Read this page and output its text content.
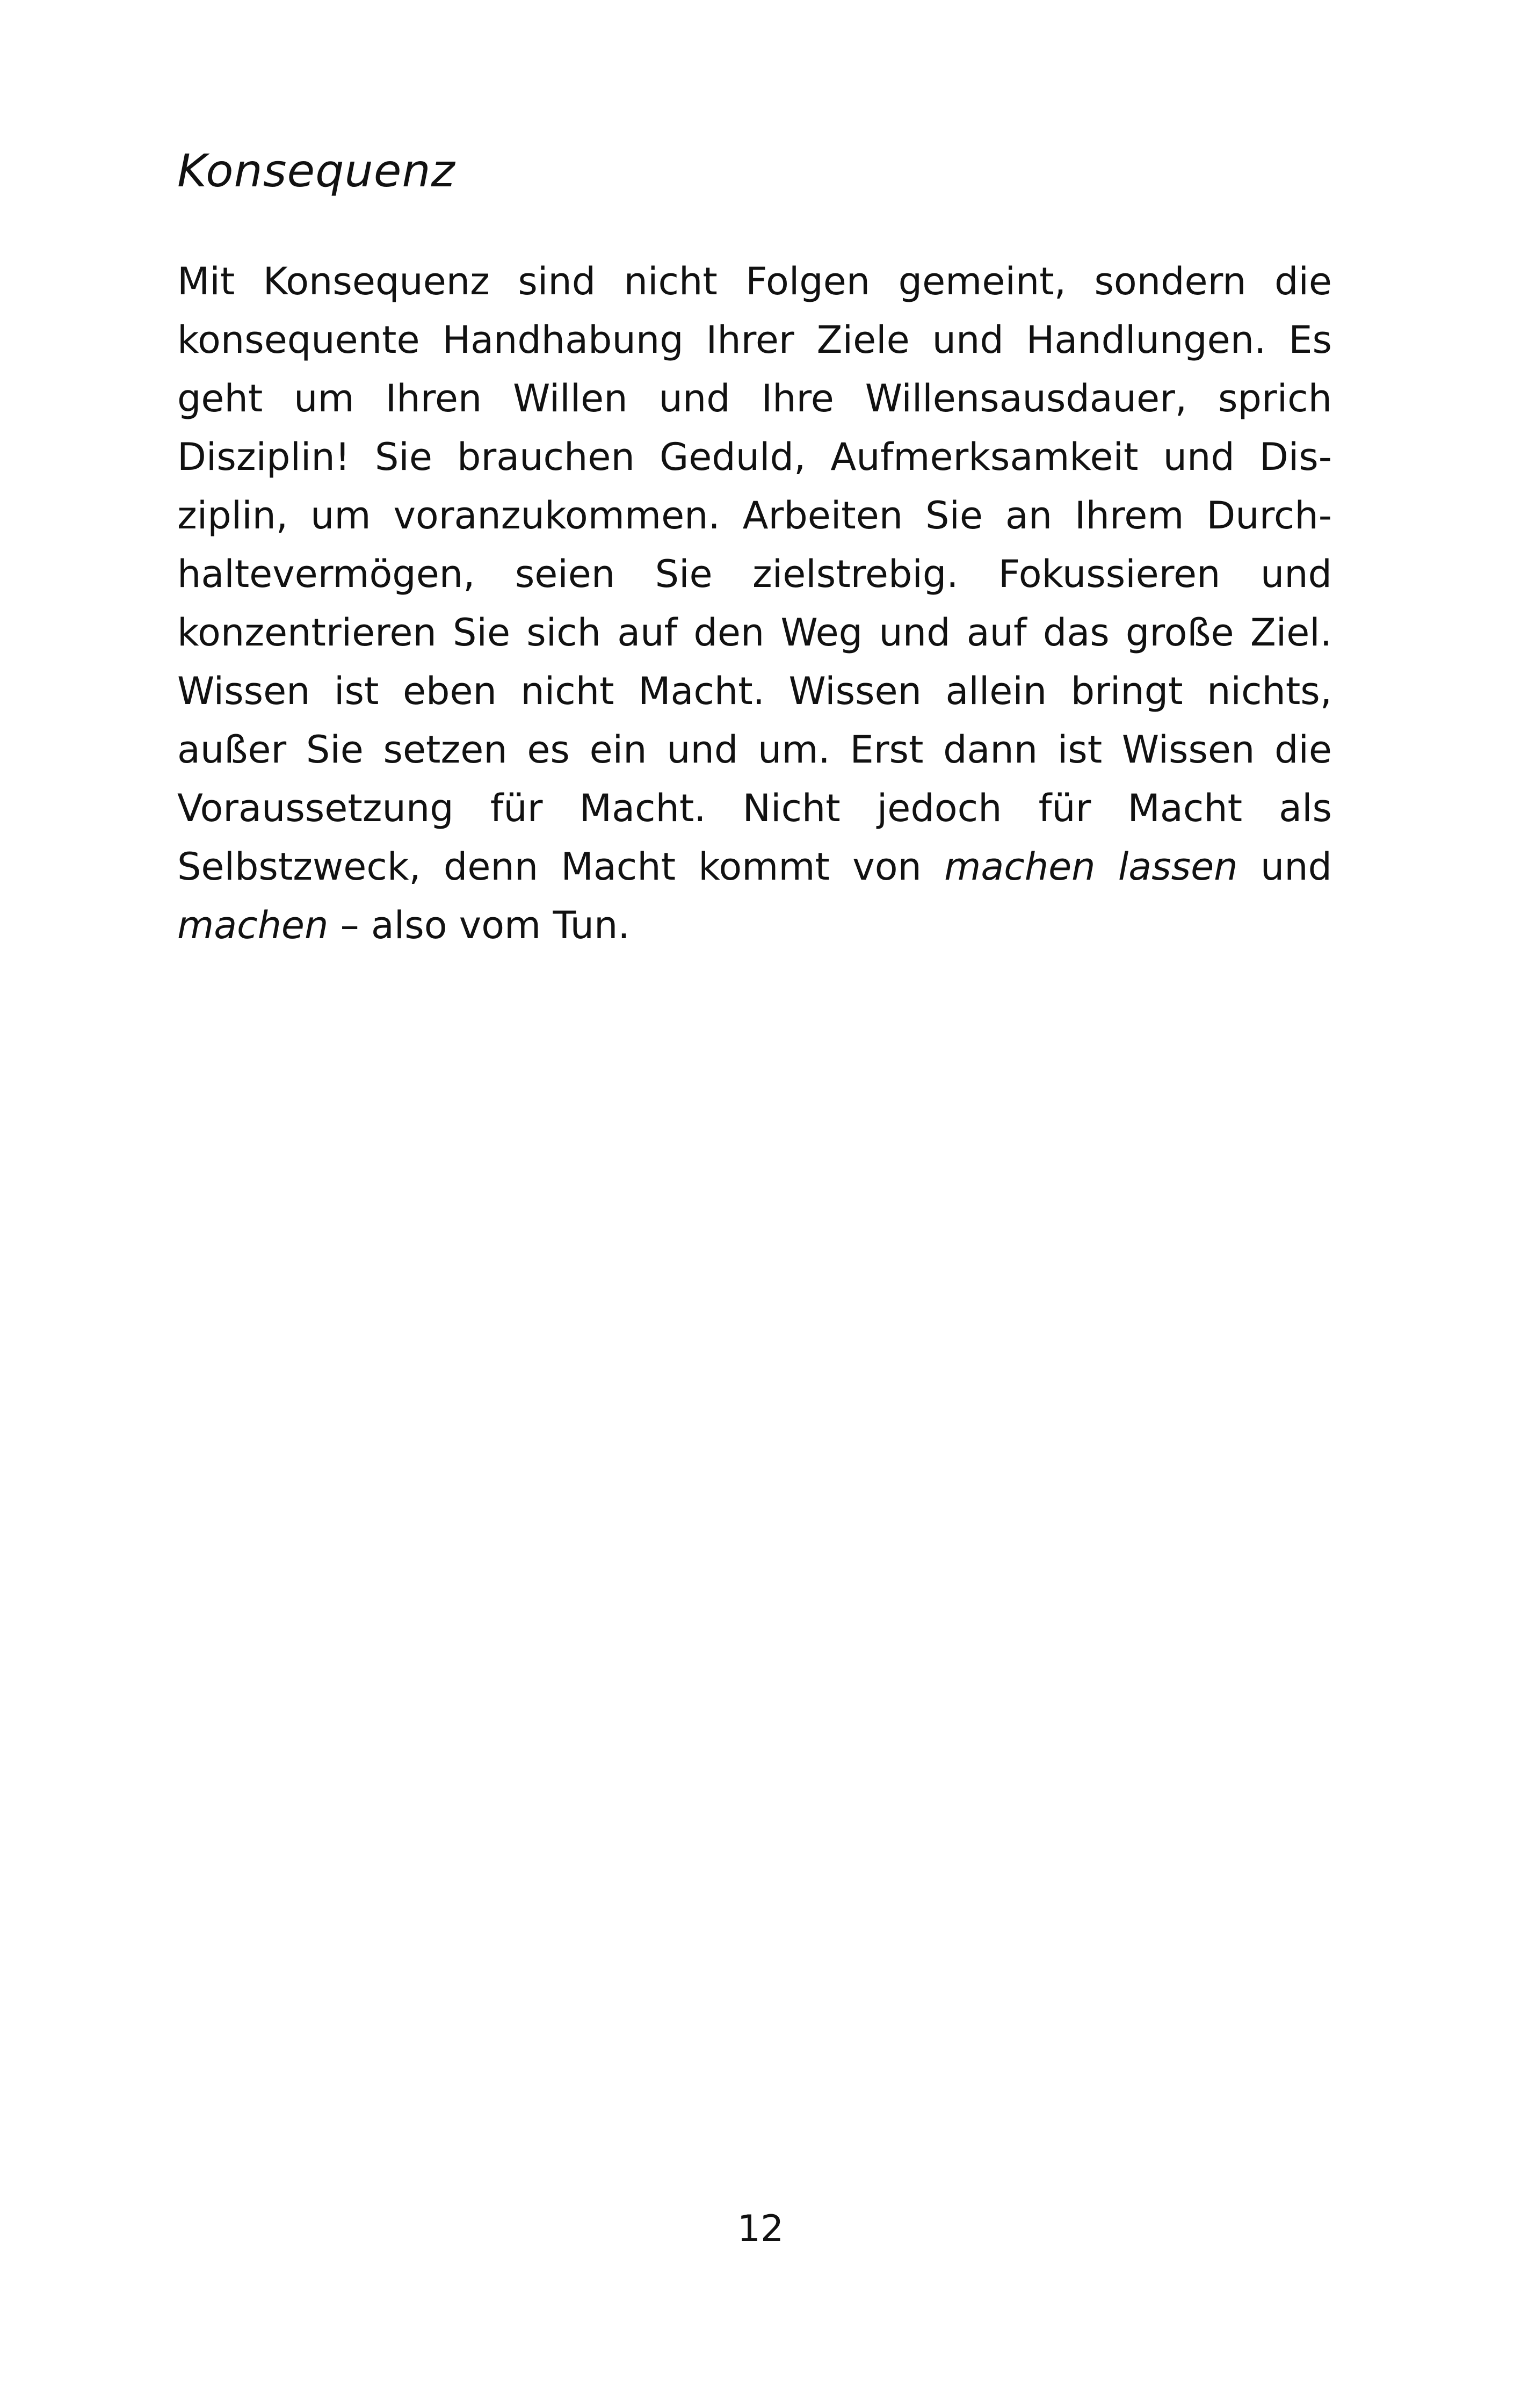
Konsequenz
Mit Konsequenz sind nicht Folgen gemeint, sondern die
konsequente Handhabung Ihrer Ziele und Handlungen. Es
geht um Ihren Willen und Ihre Willensausdauer, sprich
Disziplin! Sie brauchen Geduld, Aufmerksamkeit und Dis-
ziplin, um voranzukommen. Arbeiten Sie an Ihrem Durch-
haltevermögen, seien Sie zielstrebig. Fokussieren und
konzentrieren Sie sich auf den Weg und auf das große Ziel.
Wissen ist eben nicht Macht. Wissen allein bringt nichts,
außer Sie setzen es ein und um. Erst dann ist Wissen die
Voraussetzung für Macht. Nicht jedoch für Macht als
Selbstzweck, denn Macht kommt von machen lassen und
machen – also vom Tun.
12
